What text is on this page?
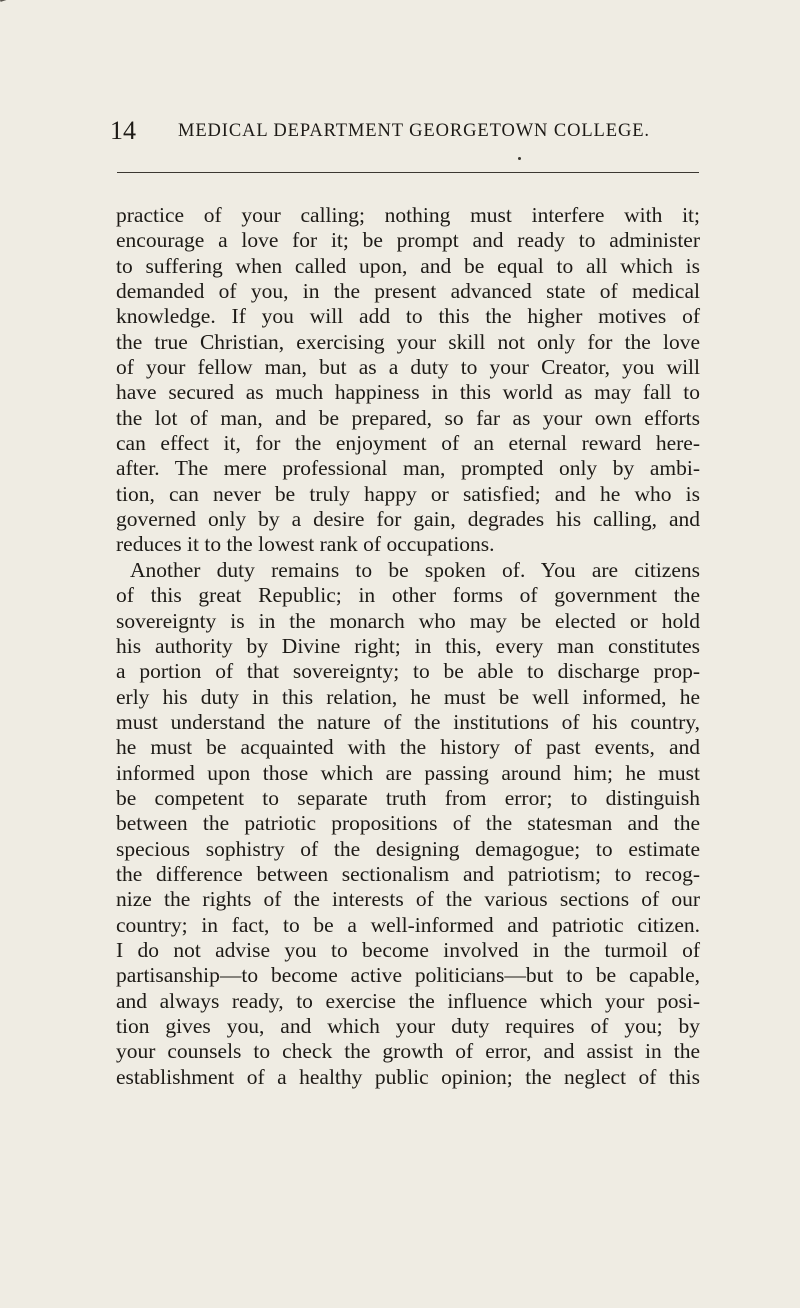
14 MEDICAL DEPARTMENT GEORGETOWN COLLEGE.
practice of your calling; nothing must interfere with it;
encourage a love for it; be prompt and ready to administer
to suffering when called upon, and be equal to all which is
demanded of you, in the present advanced state of medical
knowledge. If you will add to this the higher motives of
the true Christian, exercising your skill not only for the love
of your fellow man, but as a duty to your Creator, you will
have secured as much happiness in this world as may fall to
the lot of man, and be prepared, so far as your own efforts
can effect it, for the enjoyment of an eternal reward here-
after. The mere professional man, prompted only by ambi-
tion, can never be truly happy or satisfied; and he who is
governed only by a desire for gain, degrades his calling, and
reduces it to the lowest rank of occupations.
Another duty remains to be spoken of. You are citizens
of this great Republic; in other forms of government the
sovereignty is in the monarch who may be elected or hold
his authority by Divine right; in this, every man constitutes
a portion of that sovereignty; to be able to discharge prop-
erly his duty in this relation, he must be well informed, he
must understand the nature of the institutions of his country,
he must be acquainted with the history of past events, and
informed upon those which are passing around him; he must
be competent to separate truth from error; to distinguish
between the patriotic propositions of the statesman and the
specious sophistry of the designing demagogue; to estimate
the difference between sectionalism and patriotism; to recog-
nize the rights of the interests of the various sections of our
country; in fact, to be a well-informed and patriotic citizen.
I do not advise you to become involved in the turmoil of
partisanship—to become active politicians—but to be capable,
and always ready, to exercise the influence which your posi-
tion gives you, and which your duty requires of you; by
your counsels to check the growth of error, and assist in the
establishment of a healthy public opinion; the neglect of this
